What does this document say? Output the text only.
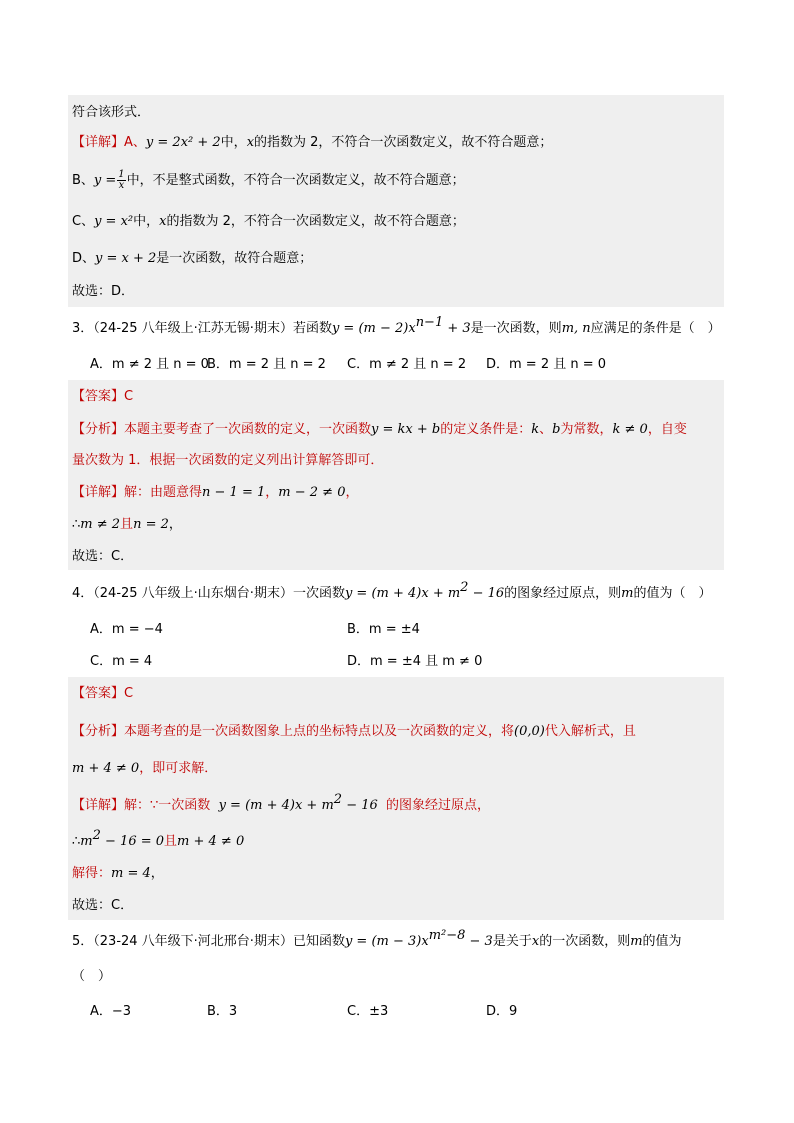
符合该形式．
【详解】A、y = 2x² + 2中，x的指数为 2，不符合一次函数定义，故不符合题意；
B、$y = \frac{1}{x}$ 中，不是整式函数，不符合一次函数定义，故不符合题意；
C、y = x²中，x的指数为 2，不符合一次函数定义，故不符合题意；
D、y = x + 2是一次函数，故符合题意；
故选：D．
3．（24-25 八年级上·江苏无锡·期末）若函数$y = (m - 2)x^{n-1} + 3$是一次函数，则m, n应满足的条件是（　）
A．m ≠ 2 且 n = 0
B．m = 2 且 n = 2 C．m ≠ 2 且 n = 2 D．m = 2 且 n = 0
【答案】C
【分析】本题主要考查了一次函数的定义，一次函数y = kx + b的定义条件是：k、b为常数，k ≠ 0，自变
量次数为 1．根据一次函数的定义列出计算解答即可．
【详解】解：由题意得n − 1 = 1，m − 2 ≠ 0，
∴m ≠ 2且n = 2，
故选：C．
4．（24-25 八年级上·山东烟台·期末）一次函数$y = (m + 4)x + m^2 - 16$的图象经过原点，则m的值为（　）
A．m = −4	B．m = ±4
C．m = 4	D．m = ±4 且 m ≠ 0
【答案】C
【分析】本题考查的是一次函数图象上点的坐标特点以及一次函数的定义，将(0,0)代入解析式，且
m + 4 ≠ 0，即可求解．
【详解】解：∵一次函数 $y = (m + 4)x + m^2 - 16$ 的图象经过原点，
$\therefore m^2 - 16 = 0$且m + 4 ≠ 0
解得：m = 4，
故选：C．
5．（23-24 八年级下·河北邢台·期末）已知函数$y = (m - 3)x^{m^2-8} - 3$是关于x的一次函数，则m的值为
（　）
A．−3	B．3	C．±3	D．9
